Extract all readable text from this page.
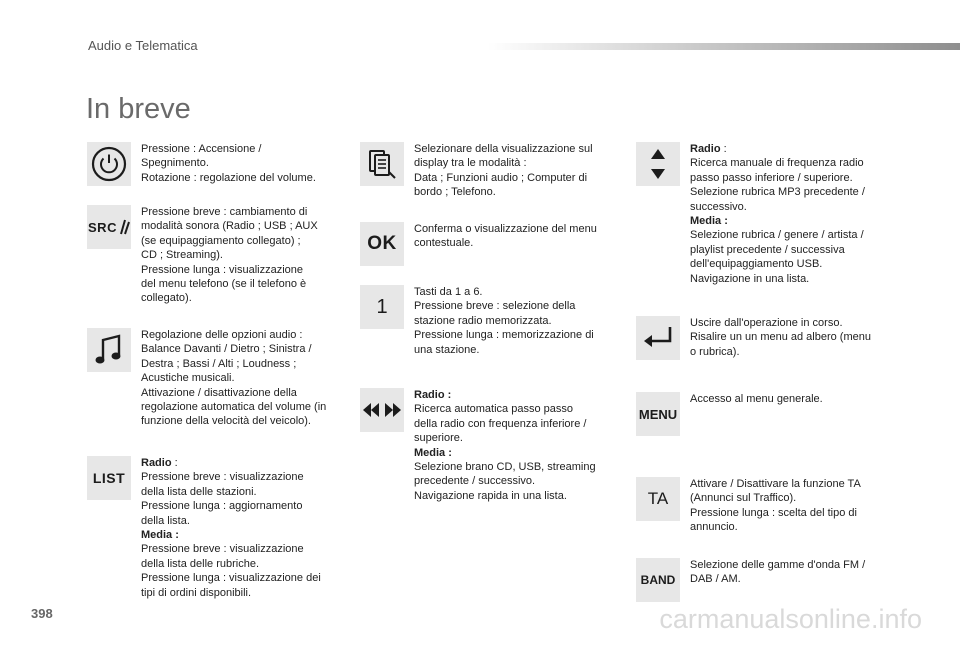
Audio e Telematica
In breve

Pressione : Accensione /

Spegnimento.

Rotazione : regolazione del volume.

SRC

Pressione breve : cambiamento di

modalità sonora (Radio ; USB ; AUX

(se equipaggiamento collegato) ;

CD ; Streaming).

Pressione lunga : visualizzazione

del menu telefono (se il telefono è

collegato).

Regolazione delle opzioni audio :

Balance Davanti / Dietro ; Sinistra /

Destra ; Bassi / Alti ; Loudness ;

Acustiche musicali.

Attivazione / disattivazione della

regolazione automatica del volume (in

funzione della velocità del veicolo).

LIST

Radio :

Pressione breve : visualizzazione

della lista delle stazioni.

Pressione lunga : aggiornamento

della lista.

Media :

Pressione breve : visualizzazione

della lista delle rubriche.

Pressione lunga : visualizzazione dei

tipi di ordini disponibili.

Selezionare della visualizzazione sul

display tra le modalità :

Data ; Funzioni audio ; Computer di

bordo ; Telefono.

OK

Conferma o visualizzazione del menu

contestuale.

1

Tasti da 1 a 6.

Pressione breve : selezione della

stazione radio memorizzata.

Pressione lunga : memorizzazione di

una stazione.

Radio :

Ricerca automatica passo passo

della radio con frequenza inferiore /

superiore.

Media :

Selezione brano CD, USB, streaming

precedente / successivo.

Navigazione rapida in una lista.

Radio :

Ricerca manuale di frequenza radio

passo passo inferiore / superiore.

Selezione rubrica MP3 precedente /

successivo.

Media :

Selezione rubrica / genere / artista /

playlist precedente / successiva

dell'equipaggiamento USB.

Navigazione in una lista.

Uscire dall'operazione in corso.

Risalire un un menu ad albero (menu

o rubrica).

MENU

Accesso al menu generale.

TA

Attivare / Disattivare la funzione TA

(Annunci sul Traffico).

Pressione lunga : scelta del tipo di

annuncio.

BAND

Selezione delle gamme d'onda FM /

DAB / AM.

398	carmanualsonline.info
